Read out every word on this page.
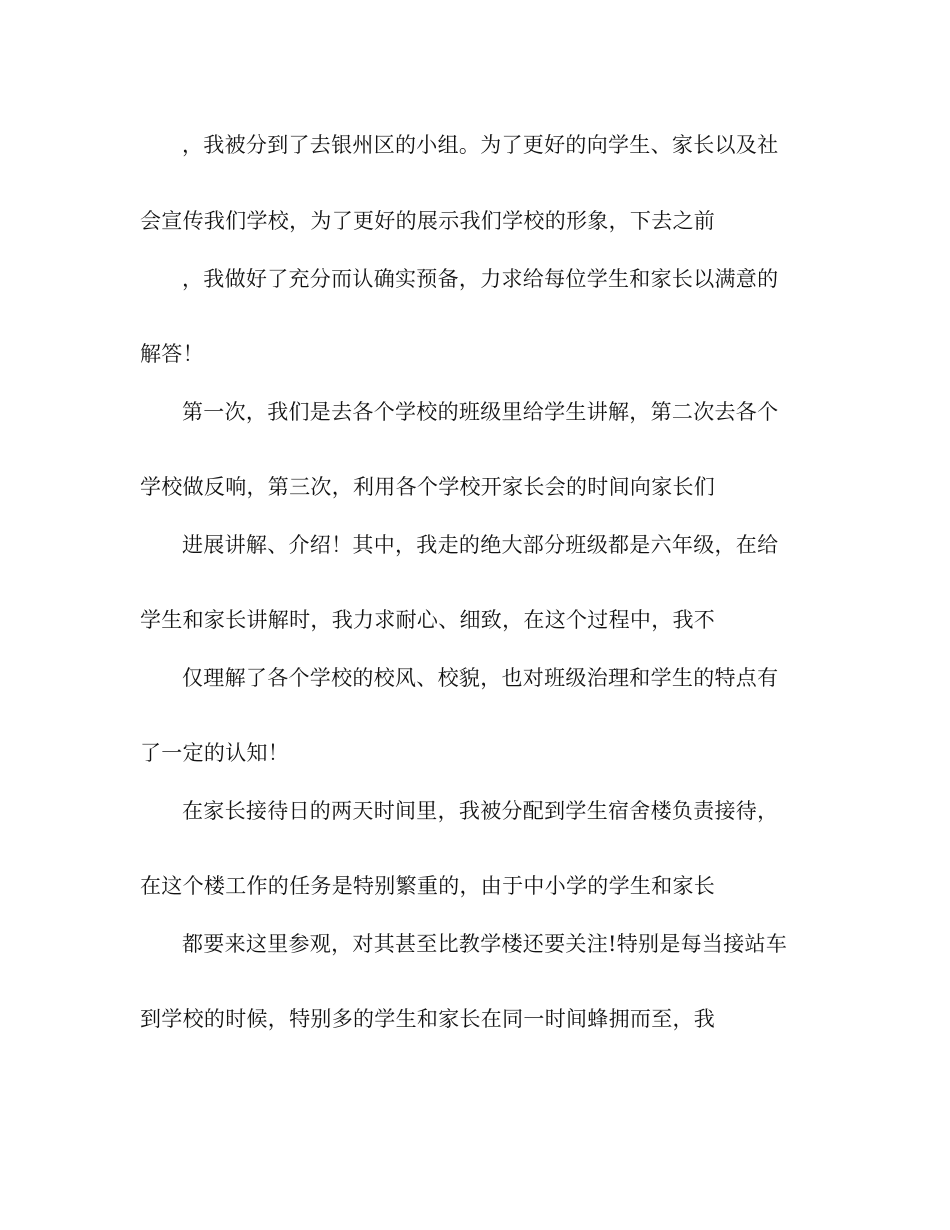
，我被分到了去银州区的小组。为了更好的向学生、家长以及社
会宣传我们学校，为了更好的展示我们学校的形象，下去之前
，我做好了充分而认确实预备，力求给每位学生和家长以满意的
解答！
第一次，我们是去各个学校的班级里给学生讲解，第二次去各个
学校做反响，第三次，利用各个学校开家长会的时间向家长们
进展讲解、介绍！其中，我走的绝大部分班级都是六年级，在给
学生和家长讲解时，我力求耐心、细致，在这个过程中，我不
仅理解了各个学校的校风、校貌，也对班级治理和学生的特点有
了一定的认知！
在家长接待日的两天时间里，我被分配到学生宿舍楼负责接待，
在这个楼工作的任务是特别繁重的，由于中小学的学生和家长
都要来这里参观，对其甚至比教学楼还要关注!特别是每当接站车
到学校的时候，特别多的学生和家长在同一时间蜂拥而至，我
